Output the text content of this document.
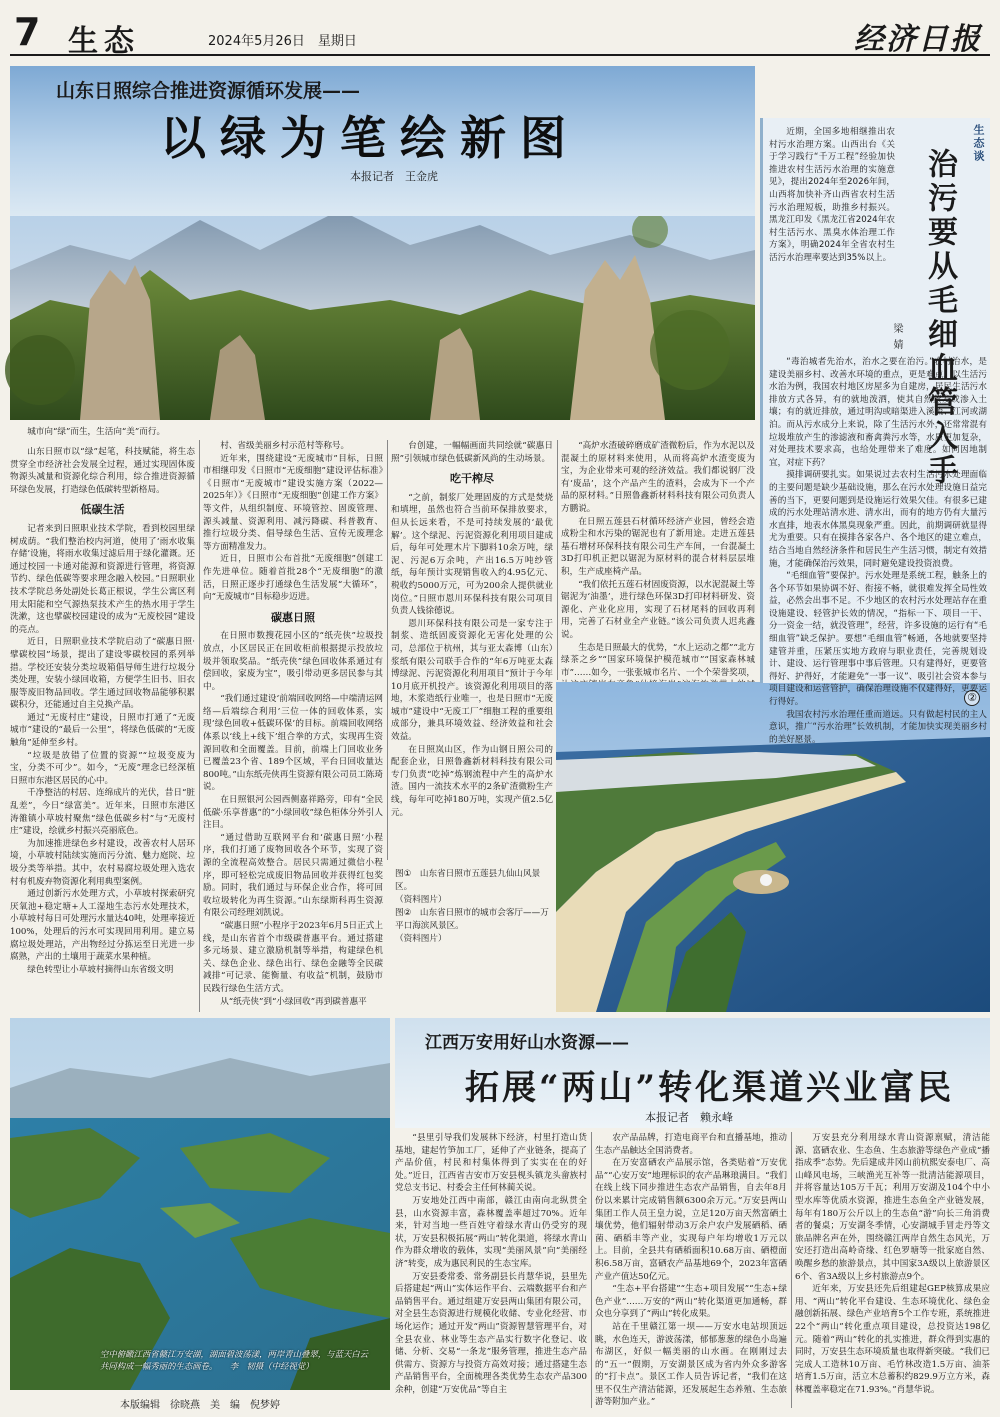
7 生态	2024年5月26日　星期日	经济日报
山东日照综合推进资源循环发展——
以绿为笔绘新图
本报记者　王金虎

城市向“绿”而生，生活向“美”而行。

山东日照市以“绿”起笔，科技赋能，将生态贯穿全市经济社会发展全过程，通过实现固体废物源头减量和资源化综合利用，综合推进资源循环绿色发展，打造绿色低碳转型新格局。

低碳生活

记者来到日照职业技术学院，看到校园里绿树成荫。“我们整治校内河道，使用了‘雨水收集存储’设施，将雨水收集过滤后用于绿化灌溉。还通过校园一卡通对能源和资源进行管理，将资源节约、绿色低碳等要求理念融入校园。”日照职业技术学院总务处副处长葛正根说，学生公寓区利用太阳能和空气源热泵技术产生的热水用于学生洗漱，这也擘碳校园建设的成为“无废校园”建设的亮点。

近日，日照职业技术学院启动了“碳惠日照·擘碳校园”场景，提出了建设零碳校园的系列举措。学校还安装分类垃圾箱倡导师生进行垃圾分类处理，安装小绿回收箱，方便学生旧书、旧衣服等废旧物品回收。学生通过回收物品能够积累碳积分，还能通过自主兑换产品。

通过“无废村庄”建设，日照市打通了“无废城市”建设的“最后一公里”，将绿色低碳的“无废触角”延伸至乡村。

“垃圾是放错了位置的资源”“垃圾变废为宝，分类不可少”。如今，“无废”理念已经深植日照市东港区居民的心中。

千净整洁的村居、连绵成片的光伏，昔日“脏乱差”，今日“绿富美”。近年来，日照市东港区涛雒镇小草坡村聚焦“绿色低碳乡村”与“无废村庄”建设，绘就乡村振兴亮丽底色。

为加速推进绿色乡村建设，改善农村人居环境，小草坡村陆续实施而污分流、魅力庭院、垃圾分类等举措。其中，农村易腐垃圾处理入选农村有机废弃物资源化利用典型案例。

通过创新污水处理方式，小草坡村探索研究厌氧池+稳定塘+人工湿地生态污水处理技术，小草坡村每日可处理污水量达40吨，处理率接近100%，处理后的污水可实现回用利用。建立易腐垃圾处理站，产出物经过分拣运至日光进一步腐熟，产出的土壤用于蔬菜水果种植。

绿色转型让小草坡村摘得山东省级文明

村、省级美丽乡村示范村等称号。

近年来，围绕建设“无废城市”目标，日照市相继印发《日照市“无废细胞”建设评估标准》《日照市“无废城市”建设实施方案（2022—2025年）》《日照市“无废细胞”创建工作方案》等文件，从组织制度、环境管控、固废管理、源头减量、资源利用、减污降碳、科普教育、推行垃圾分类、倡导绿色生活、宣传无废理念等方面精准发力。

近日，日照市公布首批“无废细胞”创建工作先进单位。随着首批28个“无废细胞”的激活，日照正逐步打通绿色生活发展“大循环”，向“无废城市”目标稳步迈进。

碳惠日照

在日照市数搜花园小区的“纸壳侠”垃圾投放点，小区居民正在回收柜前根据提示投放垃圾并领取奖品。“纸壳侠”绿色回收体系通过有偿回收，家废为宝”，吸引带动更多居民参与其中。

“我们通过建设‘前端回收网络—中端清运网络—后端综合利用’三位一体的回收体系，实现‘绿色回收+低碳环保’的目标。前端回收网络体系以‘线上+线下’组合拳的方式，实现再生资源回收和全面覆盖。目前，前端上门回收业务已覆盖23个省、189个区域，平台日回收量达800吨。”山东纸壳侠再生资源有限公司员工陈琦说。

在日照银河公园西侧嘉祥路旁，印有“全民低碳·乐享普惠”的“小绿回收”绿色柜体分外引人注目。

“通过借助互联网平台和‘碳惠日照’小程序，我们打通了废物回收各个环节，实现了资源的全流程高效整合。居民只需通过微信小程序，即可轻松完成废旧物品回收并获得红包奖励。同时，我们通过与环保企业合作，将可回收垃圾转化为再生资源。”山东绿斯科再生资源有限公司经理刘凯说。

“碳惠日照”小程序于2023年6月5日正式上线，是山东省首个市级碳普惠平台。通过搭建多元场景、建立激励机制等举措，构建绿色机关、绿色企业、绿色出行、绿色金融等全民碳减排“可记录、能衡量、有收益”机制，鼓励市民践行绿色生活方式。

从“纸壳侠”到“小绿回收”再到碳普惠平

台创建，一幅幅画面共同绘就“碳惠日照”引领城市绿色低碳新风尚的生动场景。

吃干榨尽

“之前，制浆厂处理固废的方式是焚烧和填埋，虽然也符合当前环保排放要求，但从长远来看，不是可持续发展的‘最优解’。这个绿泥、污泥资源化利用项目建成后，每年可处理木片下脚料10余万吨，绿泥、污泥6万余吨，产出16.5万吨纱管纸，每年预计实现销售收入约4.95亿元、税收约5000万元，可为200余人提供就业岗位。”日照市恩川环保科技有限公司项目负责人钱徐德说。

恩川环保科技有限公司是一家专注于制浆、造纸固废资源化无害化处理的公司，总部位于杭州，其与亚太森博（山东）浆纸有限公司联手合作的“年6万吨亚太森博绿泥、污泥资源化利用项目”预计于今年10月底开机投产。该资源化利用项目的落地，木浆造纸行业唯一，也是日照市“无废城市”建设中“无废工厂”细胞工程的重要组成部分，兼具环境效益、经济效益和社会效益。

在日照岚山区，作为山钢日照公司的配套企业，日照鲁鑫新材料科技有限公司专门负责“吃掉”炼钢流程中产生的高炉水渣。国内一流技术水平的2条矿渣微粉生产线，每年可吃掉180万吨，实现产值2.5亿元。

“高炉水渣破碎磨成矿渣微粉后，作为水泥以及混凝土的原材料来使用，从而将高炉水渣变废为宝，为企业带来可观的经济效益。我们都说钢厂没有‘废品’，这个产品产生的渣料，会成为下一个产品的原材料。”日照鲁鑫新材料科技有限公司负责人方鹏说。

在日照五莲县石材循环经济产业园，曾经会造成粉尘和水污染的锯泥也有了新用途。走进五莲县基石增材环保科技有限公司生产车间，一台混凝土3D打印机正把以锯泥为原材料的混合材料层层堆积，生产成座椅产品。

“我们依托五莲石材固废资源，以水泥混凝土等锯泥为‘油墨’，进行绿色环保3D打印材料研发、资源化、产业化应用，实现了石材尾料的回收再利用，完善了石材业全产业链。”该公司负责人迟兆鑫说。

生态是日照最大的优势，“水上运动之都”“北方绿茶之乡”“国家环境保护模范城市”“国家森林城市”……如今，一张张城市名片、一个个荣誉奖项，

图①　山东省日照市五莲县九仙山风景区。

（资料图片）

图②　山东省日照市的城市会客厅——万平口海滨风景区。

（资料图片）

②
生态谈
治污要从毛细血管入手
梁婧

近期，全国多地相继推出农村污水治理方案。山西出台《关于学习践行“千万工程”经验加快推进农村生活污水治理的实施意见》，提出2024年至2026年间，山西将加快补齐山西省农村生活污水治理短板，助推乡村振兴。黑龙江印发《黑龙江省2024年农村生活污水、黑臭水体治理工作方案》，明确2024年全省农村生活污水治理率要达到35%以上。

“毒治城者先治水，治水之要在治污。”农村治水，是建设美丽乡村、改善水环境的重点，更是难点。以生活污水治为例，我国农村地区房屋多为自建房，居民生活污水排放方式各异，有的就地泼洒，使其自然蒸发或渗入土壤；有的就近排放，通过明沟或暗渠进入溪流、江河或湖泊。而从污水成分上来说，除了生活污水外，还常常混有垃圾堆放产生的渗滤液和畜禽粪污水等，水质更加复杂，对处理技术要求高，也给处理带来了难度。如何因地制宜，对症下药？

摸排调研要扎实。如果说过去农村生活污水处理面临的主要问题是缺少基础设施，那么在污水处理设施日益完善的当下，更要问题到是设施运行效果欠佳。有很多已建成的污水处理站清水进、清水出，而有的地方仍有大量污水直排，地表水体黑臭现象严重。因此，前期调研就显得尤为重要。只有在摸排各家各户、各个地区的建立难点，结合当地自然经济条件和居民生产生活习惯，制定有效措施，才能确保治污效果，同时避免建设投资浪费。

“毛细血管”要保护。污水处理是系统工程，触条上的各个环节如果协调不好、衔接不畅，就很难发挥全局性效益，必然会出事不足。不少地区的农村污水处理站存在重设施建设、轻管护长效的情况，“指标一下、项目一干、分一资金一结，就没管理”，经营，许多设施的运行有“毛细血管”缺乏保护。要想“毛细血管”畅通，各地就要坚持建管并重，压紧压实地方政府与职业责任，完善规划设计、建设、运行管理事中事后管理。只有建得好，更要管得好、护得好，才能避免“一事一议”、吸引社会资本参与项目建设和运营管护，确保治理设施不仅建得好，更要运行得好。

我国农村污水治理任重而道远。只有做起村民的主人意识，推广“污水治理”长效机制，才能加快实现美丽乡村的美好愿景。

空中俯瞰江西省赣江万安湖，湖面碧波荡漾，两岸青山叠翠，与蓝天白云共同构成一幅秀丽的生态画卷。　　李　韧摄（中经视觉）
江西万安用好山水资源——
拓展“两山”转化渠道兴业富民
本报记者　赖永峰

“县里引导我们发展林下经济，村里打造山货基地，建起竹笋加工厂，延伸了产业链条，提高了产品价值，村民和村集体得到了实实在在的好处。”近日，江西省吉安市万安县枧头镇龙头畲族村党总支书记、村委会主任何林蔺关说。

万安地处江西中南部，赣江由南向北纵贯全县，山水资源丰富，森林覆盖率超过70%。近年来，针对当地一些百姓守着绿水青山仍受穷的现状，万安县积极拓展“两山”转化渠道，将绿水青山作为群众增收的载体，实现“美丽风景”向“美丽经济”转变，成为惠民利民的生态宝库。

万安县委常委、常务副县长肖慧华说，县里先后搭建起“两山”实体运作平台、云端数据平台和产品销售平台。通过组建万安县两山集团有限公司，对全县生态资源进行规模化收储、专业化经营、市场化运作；通过开发“两山”资源智慧管理平台，对全县农业、林业等生态产品实行数字化登记、收储、分析、交易“一条龙”服务管理，推进生态产品供需方、资源方与投资方高效对接；通过搭建生态产品销售平台，全面梳理各类优势生态农产品300余种，创建“万安优品”等自主

农产品品牌，打造电商平台和直播基地，推动生态产品触达全国消费者。

在万安富硒农产品展示馆，各类贴着“万安优品”“心安万安”地理标识的农产品琳琅满目。“我们在线上线下同步推进生态农产品销售，自去年8月份以来累计完成销售额6300余万元。”万安县两山集团工作人员王皇力说，立足120万亩天然富硒土壤优势，他们辐射带动3万余户农户发展硒稻、硒菌、硒稻丰等产业，实现每户年均增收1万元以上。目前，全县共有硒稻面积10.68万亩、硒橙面积6.58万亩，富硒农产品基地69个，2023年富硒产业产值达50亿元。

“生态+平台搭建”“生态+项目发展”“生态+绿色产业”……万安的“两山”转化渠道更加通畅，群众也分享到了“两山”转化成果。

站在千里赣江第一坝——万安水电站坝顶远眺，水色连天，游波荡漾，郁郁葱葱的绿色小岛遍布湖区，好似一幅美丽的山水画。在刚刚过去的“五一”假期，万安湖景区成为省内外众多游客的“打卡点”。景区工作人员告诉记者，“我们在这里不仅生产清洁能源，还发展起生态养殖、生态旅游等附加产业。”

万安县充分利用绿水青山资源禀赋，清洁能源、富硒农业、生态鱼、生态旅游等绿色产业成“播指成季”态势。先后建成井冈山前杭熙安泰电厂、高山峰风电场，三峡渔光互补等一批清洁能源项目，并将容量达105万千瓦；利用万安湖及104个中小型水库等优质水资源，推进生态鱼全产业链发展，每年有180万公斤以上的生态鱼“游”向长三角消费者的餐桌；万安湖冬季情，心安湖城手冒走丹等文旅品牌名声在外，围绕赣江两岸自然生态风光，万安还打造出高岭奇缘、红色罗塘等一批家庭自然、唤醒乡愁的旅游景点，其中国家3A级以上旅游景区6个、省3A级以上乡村旅游点9个。

近年来，万安县还先后组建起GEP核算成果应用、“两山”转化平台建设、生态环境优化、绿色金融创新拓展、绿色产业培育5个工作专班，系统推进22个“两山”转化重点项目建设，总投资达198亿元。随着“两山”转化的扎实推进，群众得到实惠的同时，万安县生态环境质量也取得新突破。“我们已完成人工造林10万亩、毛竹林改造1.5万亩、油茶培育1.5万亩，活立木总蓄积约829.9万立方米，森林覆盖率稳定在71.93%。”肖慧华说。

本版编辑　徐晓燕　美　编　倪梦婷
